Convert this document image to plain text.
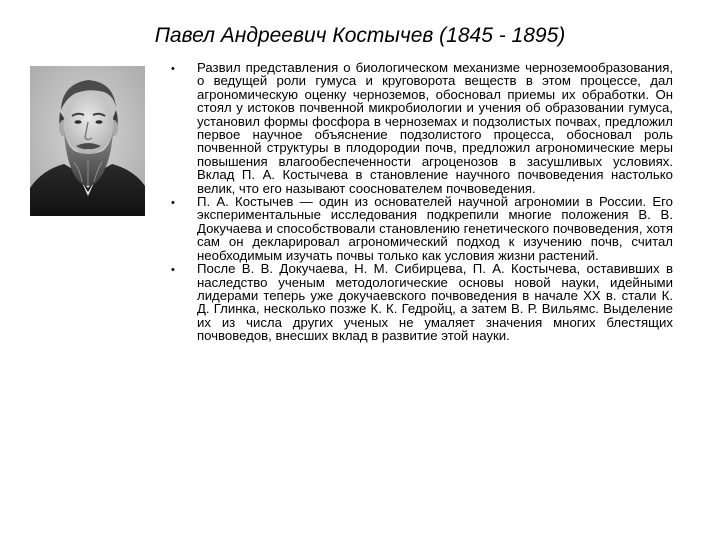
Павел Андреевич Костычев (1845 - 1895)
• Развил представления о биологическом механизме черноземообразования, о ведущей роли гумуса и круговорота веществ в этом процессе, дал агрономическую оценку черноземов, обосновал приемы их обработки. Он стоял у истоков почвенной микробиологии и учения об образовании гумуса, установил формы фосфора в черноземах и подзолистых почвах, предложил первое научное объяснение подзолистого процесса, обосновал роль почвенной структуры в плодородии почв, предложил агрономические меры повышения влагообеспеченности агроценозов в засушливых условиях. Вклад П. А. Костычева в становление научного почвоведения настолько велик, что его называют сооснователем почвоведения.
• П. А. Костычев — один из основателей научной агрономии в России. Его экспериментальные исследования подкрепили многие положения В. В. Докучаева и способствовали становлению генетического почвоведения, хотя сам он декларировал агрономический подход к изучению почв, считал необходимым изучать почвы только как условия жизни растений.
• После В. В. Докучаева, Н. М. Сибирцева, П. А. Костычева, оставивших в наследство ученым методологические основы новой науки, идейными лидерами теперь уже докучаевского почвоведения в начале XX в. стали К. Д. Глинка, несколько позже К. К. Гедройц, а затем В. Р. Вильямс. Выделение их из числа других ученых не умаляет значения многих блестящих почвоведов, внесших вклад в развитие этой науки.
